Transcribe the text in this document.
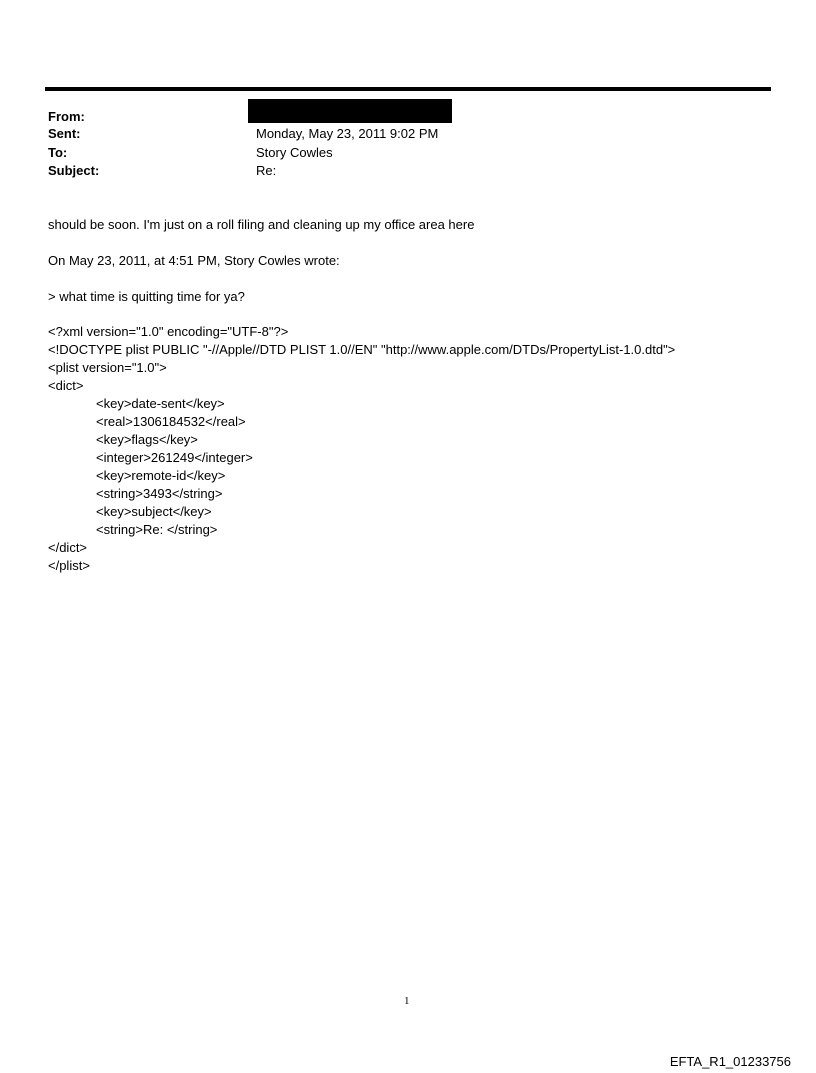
From:
Sent:	Monday, May 23, 2011 9:02 PM
To:	Story Cowles
Subject:	Re:
should be soon. I'm just on a roll filing and cleaning up my office area here
On May 23, 2011, at 4:51 PM, Story Cowles wrote:
> what time is quitting time for ya?
<?xml version="1.0" encoding="UTF-8"?>
<!DOCTYPE plist PUBLIC "-//Apple//DTD PLIST 1.0//EN" "http://www.apple.com/DTDs/PropertyList-1.0.dtd">
<plist version="1.0">
<dict>
<key>date-sent</key>
<real>1306184532</real>
<key>flags</key>
<integer>261249</integer>
<key>remote-id</key>
<string>3493</string>
<key>subject</key>
<string>Re: </string>
</dict>
</plist>
1
EFTA_R1_01233756
